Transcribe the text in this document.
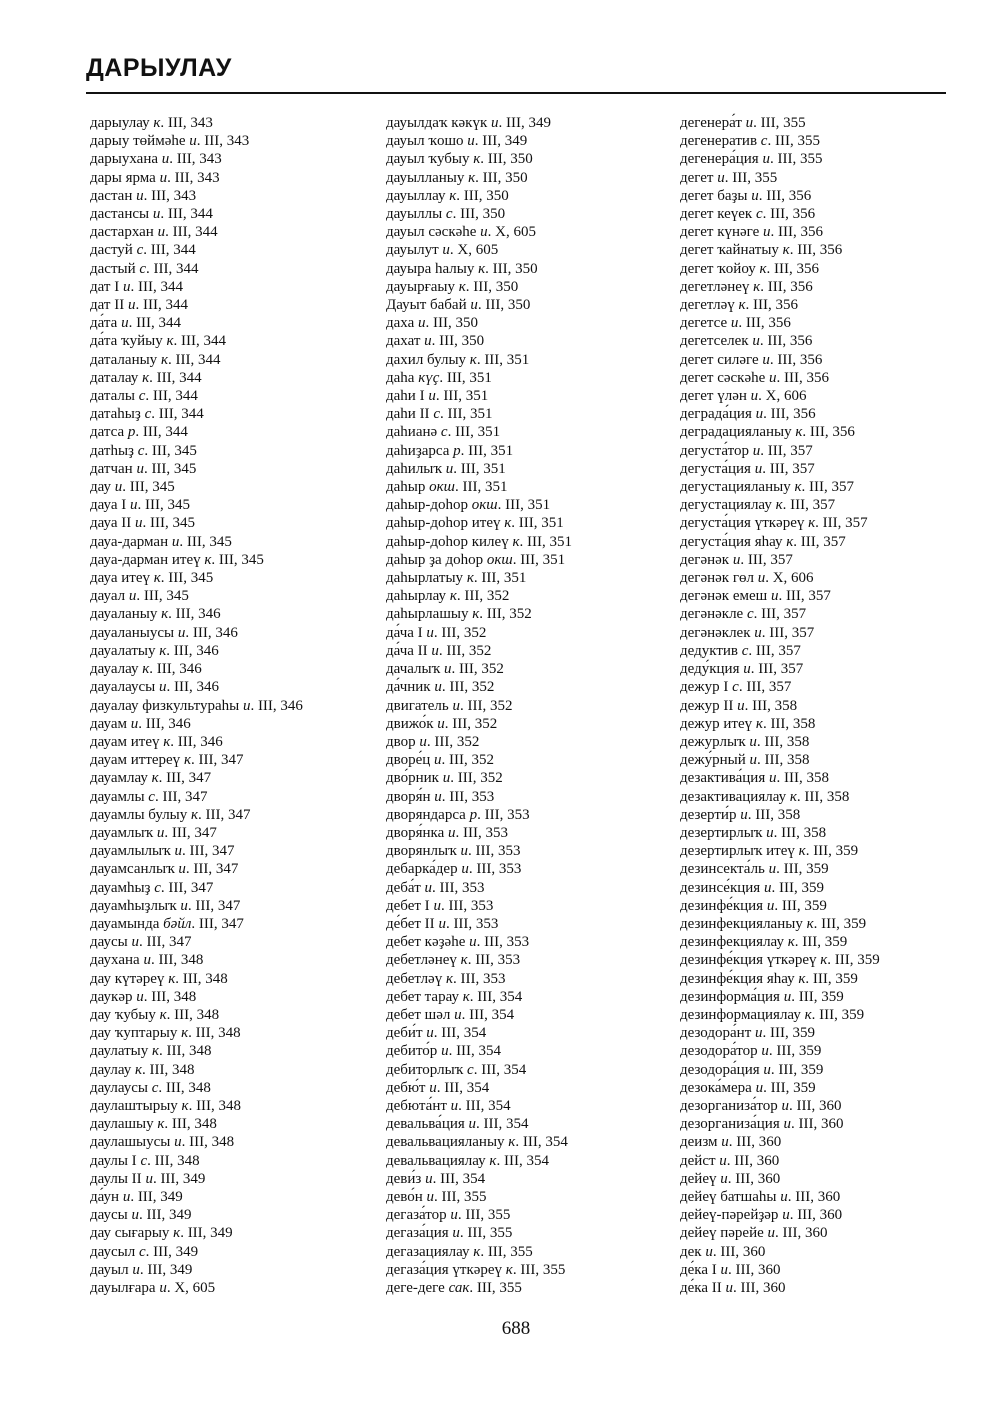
ДАРЫУЛАУ
дарыулау к. III, 343
дарыу төймәһе и. III, 343
дарыухана и. III, 343
дары ярма и. III, 343
дастан и. III, 343
дастансы и. III, 344
дастархан и. III, 344
дастуй с. III, 344
дастый с. III, 344
дат I и. III, 344
дат II и. III, 344
да́та и. III, 344
да́та ҡуйыу к. III, 344
даталаныу к. III, 344
даталау к. III, 344
даталы с. III, 344
датаһыҙ с. III, 344
датса р. III, 344
датһыҙ с. III, 345
датчан и. III, 345
дау и. III, 345
дауа I и. III, 345
дауа II и. III, 345
дауа-дарман и. III, 345
дауа-дарман итеү к. III, 345
дауа итеү к. III, 345
дауал и. III, 345
дауаланыу к. III, 346
дауаланыусы и. III, 346
дауалатыу к. III, 346
дауалау к. III, 346
дауалаусы и. III, 346
дауалау физкультураһы и. III, 346
дауам и. III, 346
дауам итеү к. III, 346
дауам иттереү к. III, 347
дауамлау к. III, 347
дауамлы с. III, 347
дауамлы булыу к. III, 347
дауамлыҡ и. III, 347
дауамлылыҡ и. III, 347
дауамсанлыҡ и. III, 347
дауамһыҙ с. III, 347
дауамһыҙлыҡ и. III, 347
дауамында бәйл. III, 347
даусы и. III, 347
даухана и. III, 348
дау күтәреү к. III, 348
даукәр и. III, 348
дау ҡубыу к. III, 348
дау ҡуптарыу к. III, 348
даулатыу к. III, 348
даулау к. III, 348
даулаусы с. III, 348
даулаштырыу к. III, 348
даулашыу к. III, 348
даулашыусы и. III, 348
даулы I с. III, 348
даулы II и. III, 349
да́ун и. III, 349
даусы и. III, 349
дау сығарыу к. III, 349
даусыл с. III, 349
дауыл и. III, 349
дауылғара и. X, 605
дауылдаҡ кәкүк и. III, 349
дауыл ҡошо и. III, 349
дауыл ҡубыу к. III, 350
дауылланыу к. III, 350
дауыллау к. III, 350
дауыллы с. III, 350
дауыл сәскәһе и. X, 605
дауылут и. X, 605
дауыра һалыу к. III, 350
дауырғаыу к. III, 350
Дауыт бабай и. III, 350
даха и. III, 350
дахат и. III, 350
дахил булыу к. III, 351
даһа күҫ. III, 351
даһи I и. III, 351
даһи II с. III, 351
даһианә с. III, 351
даһиҙарса р. III, 351
даһилыҡ и. III, 351
даһыр окш. III, 351
даһыр-доһор окш. III, 351
даһыр-доһор итеү к. III, 351
даһыр-доһор килеү к. III, 351
даһыр ҙа доһор окш. III, 351
даһырлатыу к. III, 351
даһырлау к. III, 352
даһырлашыу к. III, 352
да́ча I и. III, 352
да́ча II и. III, 352
дачалыҡ и. III, 352
да́чник и. III, 352
двигатель и. III, 352
движо́к и. III, 352
двор и. III, 352
дворе́ц и. III, 352
дво́рник и. III, 352
дворя́н и. III, 353
дворяндарса р. III, 353
дворя́нка и. III, 353
дворянлыҡ и. III, 353
дебарка́дер и. III, 353
деба́т и. III, 353
дебет I и. III, 353
де́бет II и. III, 353
дебет кәҙәһе и. III, 353
дебетләнеү к. III, 353
дебетләү к. III, 353
дебет тарау к. III, 354
дебет шәл и. III, 354
деби́т и. III, 354
дебито́р и. III, 354
дебиторлыҡ с. III, 354
дебю́т и. III, 354
дебюта́нт и. III, 354
девальва́ция и. III, 354
девальвацияланыу к. III, 354
девальвациялау к. III, 354
деви́з и. III, 354
дево́н и. III, 355
дегаза́тор и. III, 355
дегаза́ция и. III, 355
дегазациялау к. III, 355
дегаза́ция үткәреү к. III, 355
деге-деге сак. III, 355
дегенера́т и. III, 355
дегенератив с. III, 355
дегенера́ция и. III, 355
дегет и. III, 355
дегет баҙы и. III, 356
дегет кеүек с. III, 356
дегет күнәге и. III, 356
дегет ҡайнатыу к. III, 356
дегет ҡойоу к. III, 356
дегетләнеү к. III, 356
дегетләү к. III, 356
дегетсе и. III, 356
дегетселек и. III, 356
дегет силәге и. III, 356
дегет сәскәһе и. III, 356
дегет үлән и. X, 606
деграда́ция и. III, 356
деградацияланыу к. III, 356
дегуста́тор и. III, 357
дегуста́ция и. III, 357
дегустацияланыу к. III, 357
дегустациялау к. III, 357
дегуста́ция үткәреү к. III, 357
дегуста́ция яһау к. III, 357
дегәнәк и. III, 357
дегәнәк гөл и. X, 606
дегәнәк емеш и. III, 357
дегәнәкле с. III, 357
дегәнәклек и. III, 357
дедуктив с. III, 357
деду́кция и. III, 357
дежур I с. III, 357
дежур II и. III, 358
дежур итеү к. III, 358
дежурлыҡ и. III, 358
дежу́рный и. III, 358
дезактива́ция и. III, 358
дезактивациялау к. III, 358
дезерти́р и. III, 358
дезертирлыҡ и. III, 358
дезертирлыҡ итеү к. III, 359
дезинсекта́ль и. III, 359
дезинсе́кция и. III, 359
дезинфе́кция и. III, 359
дезинфекцияланыу к. III, 359
дезинфекциялау к. III, 359
дезинфе́кция үткәреү к. III, 359
дезинфе́кция яһау к. III, 359
дезинформа́ция и. III, 359
дезинформациялау к. III, 359
дезодора́нт и. III, 359
дезодора́тор и. III, 359
дезодора́ция и. III, 359
дезока́мера и. III, 359
дезорганиза́тор и. III, 360
дезорганиза́ция и. III, 360
деизм и. III, 360
дейст и. III, 360
дейеү и. III, 360
дейеү батшаһы и. III, 360
дейеү-пәрейҙәр и. III, 360
дейеү пәрейе и. III, 360
дек и. III, 360
де́ка I и. III, 360
де́ка II и. III, 360
688
